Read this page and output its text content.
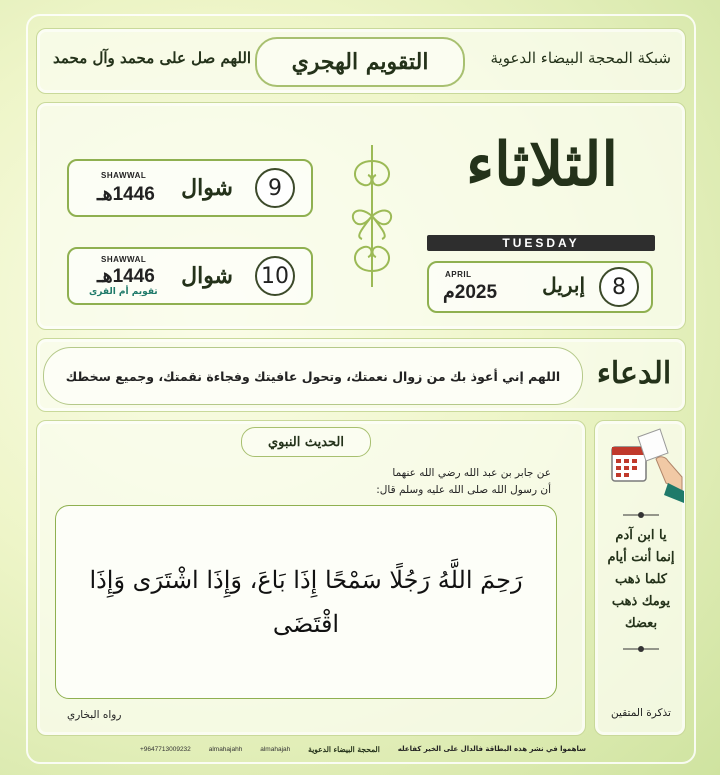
شبكة المحجة البيضاء الدعوية
التقويم الهجري
اللهم صل على محمد وآل محمد
الثلاثاء
TUESDAY
8
إبريل
APRIL
2025م
9
شوال
SHAWWAL
1446هـ
10
شوال
SHAWWAL
1446هـ
تقويم أم القرى
الدعاء
اللهم إني أعوذ بك من زوال نعمتك، وتحول عافيتك وفجاءة نقمتك، وجميع سخطك
الحديث النبوي
عن جابر بن عبد الله رضي الله عنهما
أن رسول الله صلى الله عليه وسلم قال:
رَحِمَ اللَّهُ رَجُلًا سَمْحًا إِذَا بَاعَ، وَإِذَا اشْتَرَى وَإِذَا اقْتَضَى
رواه البخاري
يا ابن آدم
إنما أنت أيام
كلما ذهب
يومك ذهب
بعضك
تذكرة المتقين
+9647713009232	almahajahh	almahajah المحجة البيضاء الدعوية	ساهموا في نشر هذه البطاقة فالدال على الخير كفاعله
